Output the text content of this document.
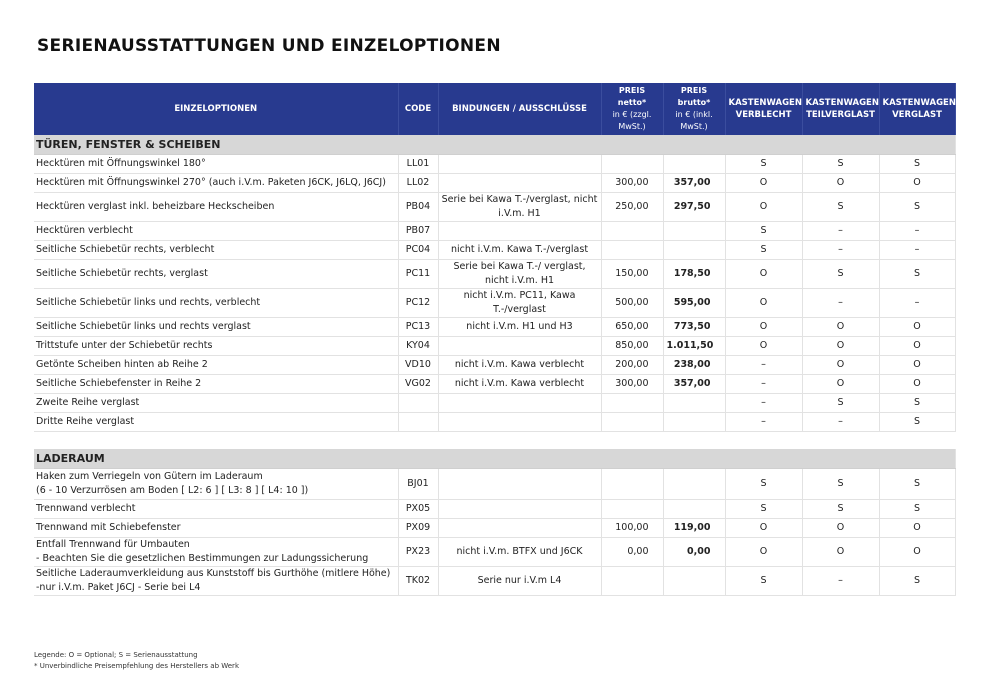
SERIENAUSSTATTUNGEN UND EINZELOPTIONEN
EINZELOPTIONEN	CODE	BINDUNGEN / AUSSCHLÜSSE	PREIS netto*
in € (zzgl. MwSt.)	PREIS brutto*
in € (inkl. MwSt.)	KASTENWAGEN VERBLECHT	KASTENWAGEN TEILVERGLAST	KASTENWAGEN VERGLAST
TÜREN, FENSTER & SCHEIBEN							

Hecktüren mit Öffnungswinkel 180°	LL01				S	S	S

Hecktüren mit Öffnungswinkel 270° (auch i.V.m. Paketen J6CK, J6LQ, J6CJ)	LL02		300,00	357,00	O	O	O

Hecktüren verglast inkl. beheizbare Heckscheiben	PB04	Serie bei Kawa T.-/verglast, nicht i.V.m. H1	250,00	297,50	O	S	S

Hecktüren verblecht	PB07				S	–	–

Seitliche Schiebetür rechts, verblecht	PC04	nicht i.V.m. Kawa T.-/verglast			S	–	–

Seitliche Schiebetür rechts, verglast	PC11	Serie bei Kawa T.-/ verglast, nicht i.V.m. H1	150,00	178,50	O	S	S

Seitliche Schiebetür links und rechts, verblecht	PC12	nicht i.V.m. PC11, Kawa T.-/verglast	500,00	595,00	O	–	–

Seitliche Schiebetür links und rechts verglast	PC13	nicht i.V.m. H1 und H3	650,00	773,50	O	O	O

Trittstufe unter der Schiebetür rechts	KY04		850,00	1.011,50	O	O	O

Getönte Scheiben hinten ab Reihe 2	VD10	nicht i.V.m. Kawa verblecht	200,00	238,00	–	O	O

Seitliche Schiebefenster in Reihe 2	VG02	nicht i.V.m. Kawa verblecht	300,00	357,00	–	O	O

Zweite Reihe verglast					–	S	S

Dritte Reihe verglast					–	–	S

LADERAUM							

Haken zum Verriegeln von Gütern im Laderaum
(6 - 10 Verzurrösen am Boden [ L2: 6 ] [ L3: 8 ] [ L4: 10 ])	BJ01				S	S	S

Trennwand verblecht	PX05				S	S	S

Trennwand mit Schiebefenster	PX09		100,00	119,00	O	O	O

Entfall Trennwand für Umbauten
- Beachten Sie die gesetzlichen Bestimmungen zur Ladungssicherung	PX23	nicht i.V.m. BTFX und J6CK	0,00	0,00	O	O	O

Seitliche Laderaumverkleidung aus Kunststoff bis Gurthöhe (mitlere Höhe)
-nur i.V.m. Paket J6CJ - Serie bei L4	TK02	Serie nur i.V.m L4			S	–	S
Legende: O = Optional; S = Serienausstattung
* Unverbindliche Preisempfehlung des Herstellers ab Werk
